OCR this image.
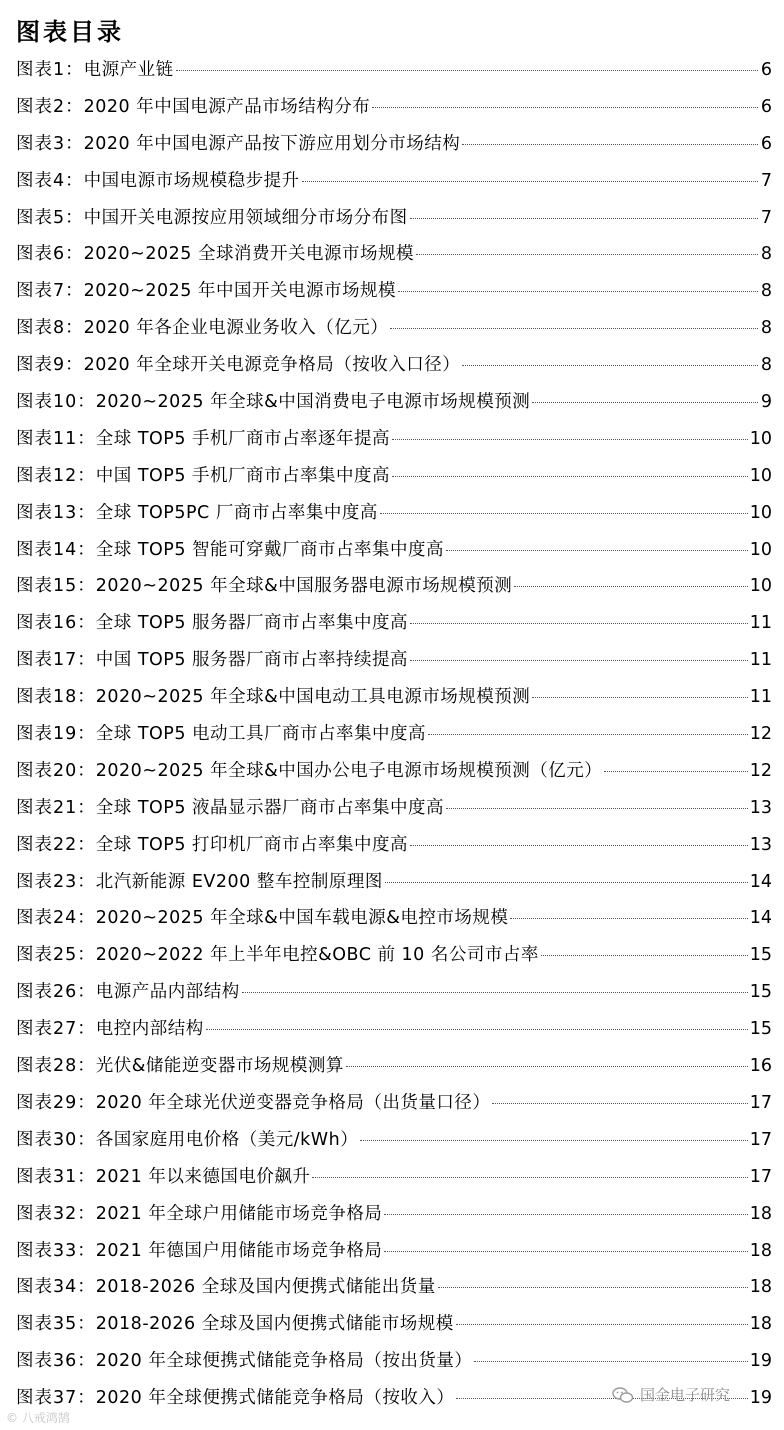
图表目录
图表1： 电源产业链	6
图表2： 2020 年中国电源产品市场结构分布	6
图表3： 2020 年中国电源产品按下游应用划分市场结构	6
图表4： 中国电源市场规模稳步提升	7
图表5： 中国开关电源按应用领域细分市场分布图	7
图表6： 2020~2025 全球消费开关电源市场规模	8
图表7： 2020~2025 年中国开关电源市场规模	8
图表8： 2020 年各企业电源业务收入（亿元）	8
图表9： 2020 年全球开关电源竞争格局（按收入口径）	8
图表10： 2020~2025 年全球&中国消费电子电源市场规模预测	9
图表11： 全球 TOP5 手机厂商市占率逐年提高	10
图表12： 中国 TOP5 手机厂商市占率集中度高	10
图表13： 全球 TOP5PC 厂商市占率集中度高	10
图表14： 全球 TOP5 智能可穿戴厂商市占率集中度高	10
图表15： 2020~2025 年全球&中国服务器电源市场规模预测	10
图表16： 全球 TOP5 服务器厂商市占率集中度高	11
图表17： 中国 TOP5 服务器厂商市占率持续提高	11
图表18： 2020~2025 年全球&中国电动工具电源市场规模预测	11
图表19： 全球 TOP5 电动工具厂商市占率集中度高	12
图表20： 2020~2025 年全球&中国办公电子电源市场规模预测（亿元）	12
图表21： 全球 TOP5 液晶显示器厂商市占率集中度高	13
图表22： 全球 TOP5 打印机厂商市占率集中度高	13
图表23： 北汽新能源 EV200 整车控制原理图	14
图表24： 2020~2025 年全球&中国车载电源&电控市场规模	14
图表25： 2020~2022 年上半年电控&OBC 前 10 名公司市占率	15
图表26： 电源产品内部结构	15
图表27： 电控内部结构	15
图表28： 光伏&储能逆变器市场规模测算	16
图表29： 2020 年全球光伏逆变器竞争格局（出货量口径）	17
图表30： 各国家庭用电价格（美元/kWh）	17
图表31： 2021 年以来德国电价飙升	17
图表32： 2021 年全球户用储能市场竞争格局	18
图表33： 2021 年德国户用储能市场竞争格局	18
图表34： 2018-2026 全球及国内便携式储能出货量	18
图表35： 2018-2026 全球及国内便携式储能市场规模	18
图表36： 2020 年全球便携式储能竞争格局（按出货量）	19
图表37： 2020 年全球便携式储能竞争格局（按收入）	19
国金电子研究
© 八戒鸿鹄
